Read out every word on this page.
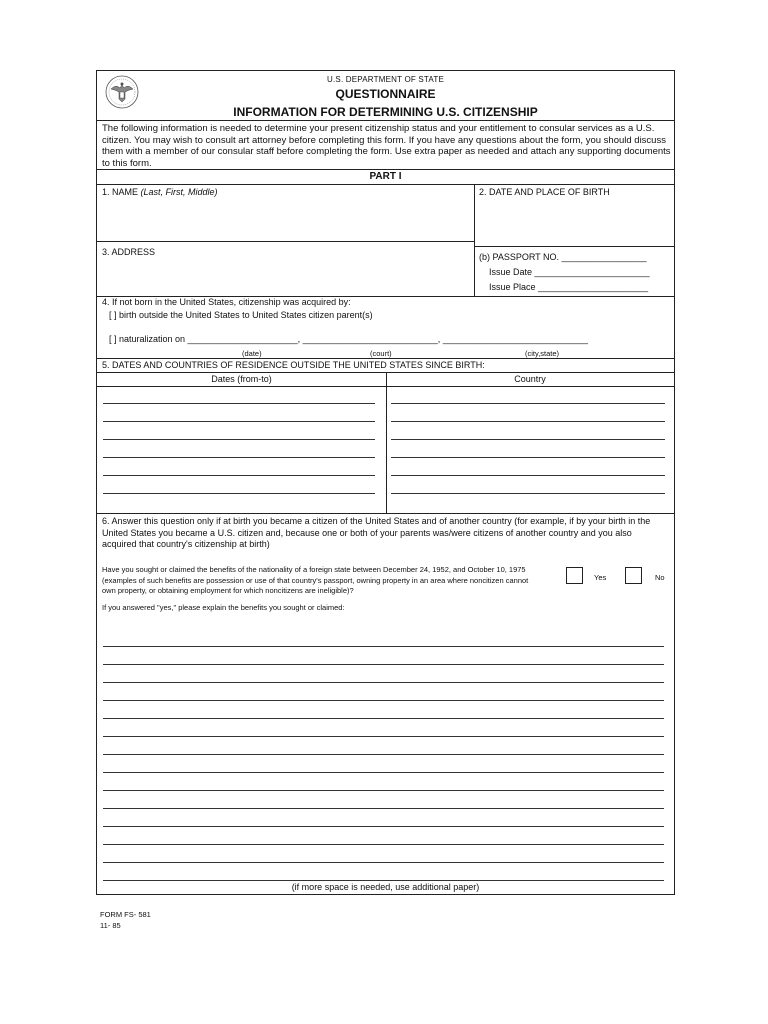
U.S. DEPARTMENT OF STATE
QUESTIONNAIRE
INFORMATION FOR DETERMINING U.S. CITIZENSHIP
The following information is needed to determine your present citizenship status and your entitlement to consular services as a U.S. citizen. You may wish to consult art attorney before completing this form. If you have any questions about the form, you should discuss them with a member of our consular staff before completing the form. Use extra paper as needed and attach any supporting documents to this form.
PART I
1. NAME (Last, First, Middle)	2. DATE AND PLACE OF BIRTH
3. ADDRESS	(b) PASSPORT NO. _________________
Issue Date _______________________
Issue Place ______________________
4. If not born in the United States, citizenship was acquired by:
[ ] birth outside the United States to United States citizen parent(s)
[ ] naturalization on ______________________, ___________________________, _____________________________
(date)	(court)	(city,state)
5. DATES AND COUNTRIES OF RESIDENCE OUTSIDE THE UNITED STATES SINCE BIRTH:
Dates (from-to)	Country
6. Answer this question only if at birth you became a citizen of the United States and of another country (for example, if by your birth in the United States you became a U.S. citizen and, because one or both of your parents was/were citizens of another country and you also acquired that country's citizenship at birth)
Have you sought or claimed the benefits of the nationality of a foreign state between December 24, 1952, and October 10, 1975 (examples of such benefits are possession or use of that country's passport, owning property in an area where noncitizen cannot own property, or obtaining employment for which noncitizens are ineligible)?
Yes	No
If you answered "yes," please explain the benefits you sought or claimed:
(if more space is needed, use additional paper)
FORM FS- 581
11- 85
